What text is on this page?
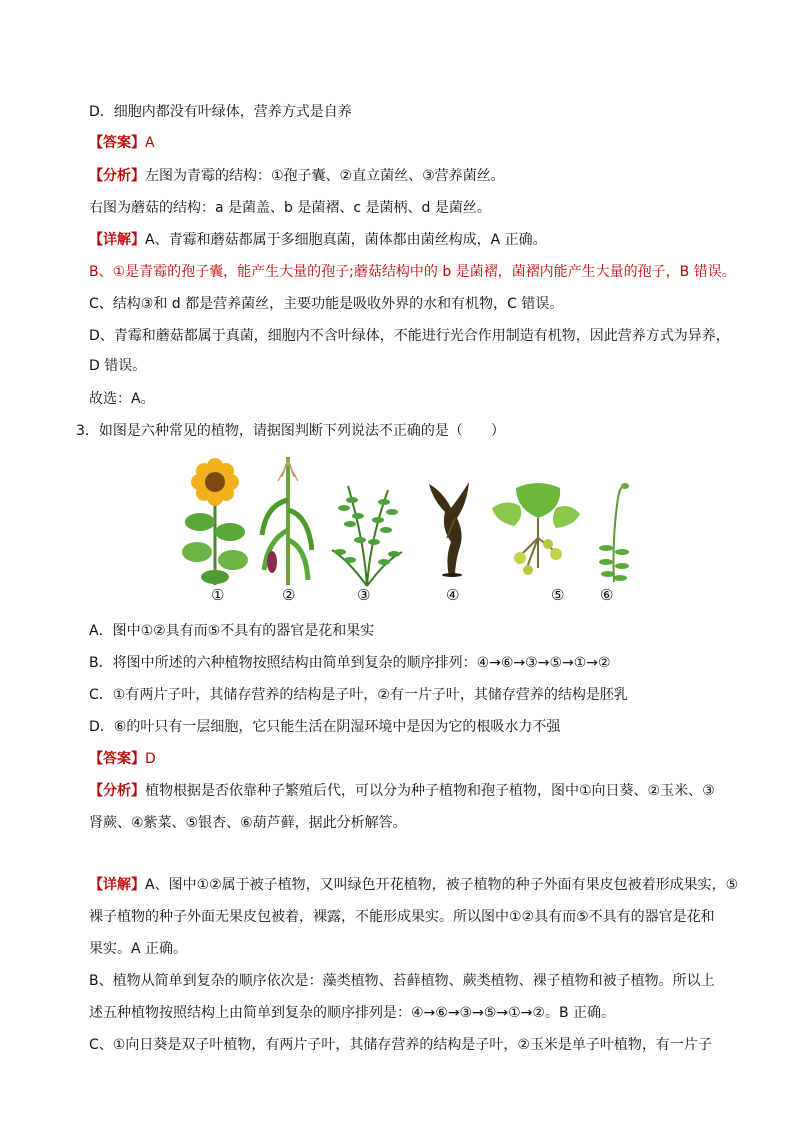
D．细胞内都没有叶绿体，营养方式是自养
【答案】A
【分析】左图为青霉的结构：①孢子囊、②直立菌丝、③营养菌丝。
右图为蘑菇的结构：a 是菌盖、b 是菌褶、c 是菌柄、d 是菌丝。
【详解】A、青霉和蘑菇都属于多细胞真菌，菌体都由菌丝构成，A 正确。
B、①是青霉的孢子囊，能产生大量的孢子;蘑菇结构中的 b 是菌褶，菌褶内能产生大量的孢子，B 错误。
C、结构③和 d 都是营养菌丝，主要功能是吸收外界的水和有机物，C 错误。
D、青霉和蘑菇都属于真菌，细胞内不含叶绿体，不能进行光合作用制造有机物，因此营养方式为异养，
D 错误。
故选：A。
3．如图是六种常见的植物，请据图判断下列说法不正确的是（　　）
①	②	③	④	⑤ ⑥
A．图中①②具有而⑤不具有的器官是花和果实
B．将图中所述的六种植物按照结构由简单到复杂的顺序排列：④→⑥→③→⑤→①→②
C．①有两片子叶，其储存营养的结构是子叶，②有一片子叶，其储存营养的结构是胚乳
D．⑥的叶只有一层细胞，它只能生活在阴湿环境中是因为它的根吸水力不强
【答案】D
【分析】植物根据是否依靠种子繁殖后代，可以分为种子植物和孢子植物，图中①向日葵、②玉米、③
肾蕨、④紫菜、⑤银杏、⑥葫芦藓，据此分析解答。
【详解】A、图中①②属于被子植物，又叫绿色开花植物，被子植物的种子外面有果皮包被着形成果实，⑤
裸子植物的种子外面无果皮包被着，裸露，不能形成果实。所以图中①②具有而⑤不具有的器官是花和
果实。A 正确。
B、植物从简单到复杂的顺序依次是：藻类植物、苔藓植物、蕨类植物、裸子植物和被子植物。所以上
述五种植物按照结构上由简单到复杂的顺序排列是：④→⑥→③→⑤→①→②。B 正确。
C、①向日葵是双子叶植物，有两片子叶，其储存营养的结构是子叶，②玉米是单子叶植物，有一片子
